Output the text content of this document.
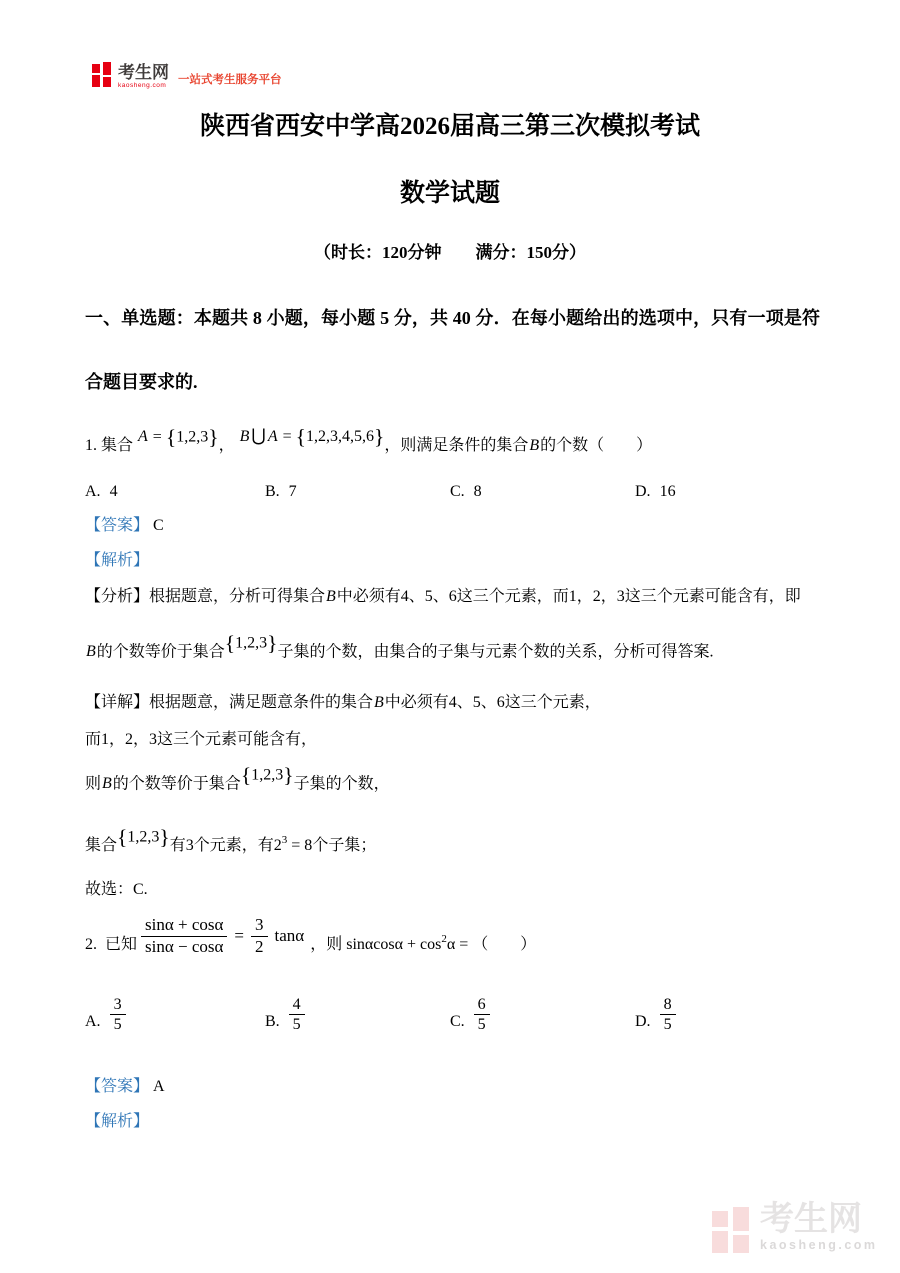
考生网
kaosheng.com 一站式考生服务平台
陕西省西安中学高2026届高三第三次模拟考试
数学试题
（时长：120分钟　　满分：150分）
一、单选题：本题共 8 小题，每小题 5 分，共 40 分．在每小题给出的选项中，只有一项是符
合题目要求的.
1. 集合 A = {1,2,3}， B ⋃ A = {1,2,3,4,5,6}，则满足条件的集合B的个数（　　）
A. 4	B. 7	C. 8	D. 16
【答案】 C
【解析】
【分析】根据题意，分析可得集合B中必须有4、5、6这三个元素，而1，2，3这三个元素可能含有，即
B的个数等价于集合{1,2,3}子集的个数，由集合的子集与元素个数的关系，分析可得答案.
【详解】根据题意，满足题意条件的集合B中必须有4、5、6这三个元素，
而1，2，3这三个元素可能含有，
则B的个数等价于集合{1,2,3}子集的个数，
集合{1,2,3}有3个元素，有$2^3 = 8$个子集；
故选：C.
2. 已知 $\frac{\sin\alpha + \cos\alpha}{\sin\alpha - \cos\alpha} = \frac{3}{2}$ tanα ，则 $\sin\alpha\cos\alpha + \cos^2\alpha$ = （　　）
A. $\frac{3}{5}$	B. $\frac{4}{5}$	C. $\frac{6}{5}$	D. $\frac{8}{5}$
【答案】 A
【解析】
考生网
kaosheng.com
